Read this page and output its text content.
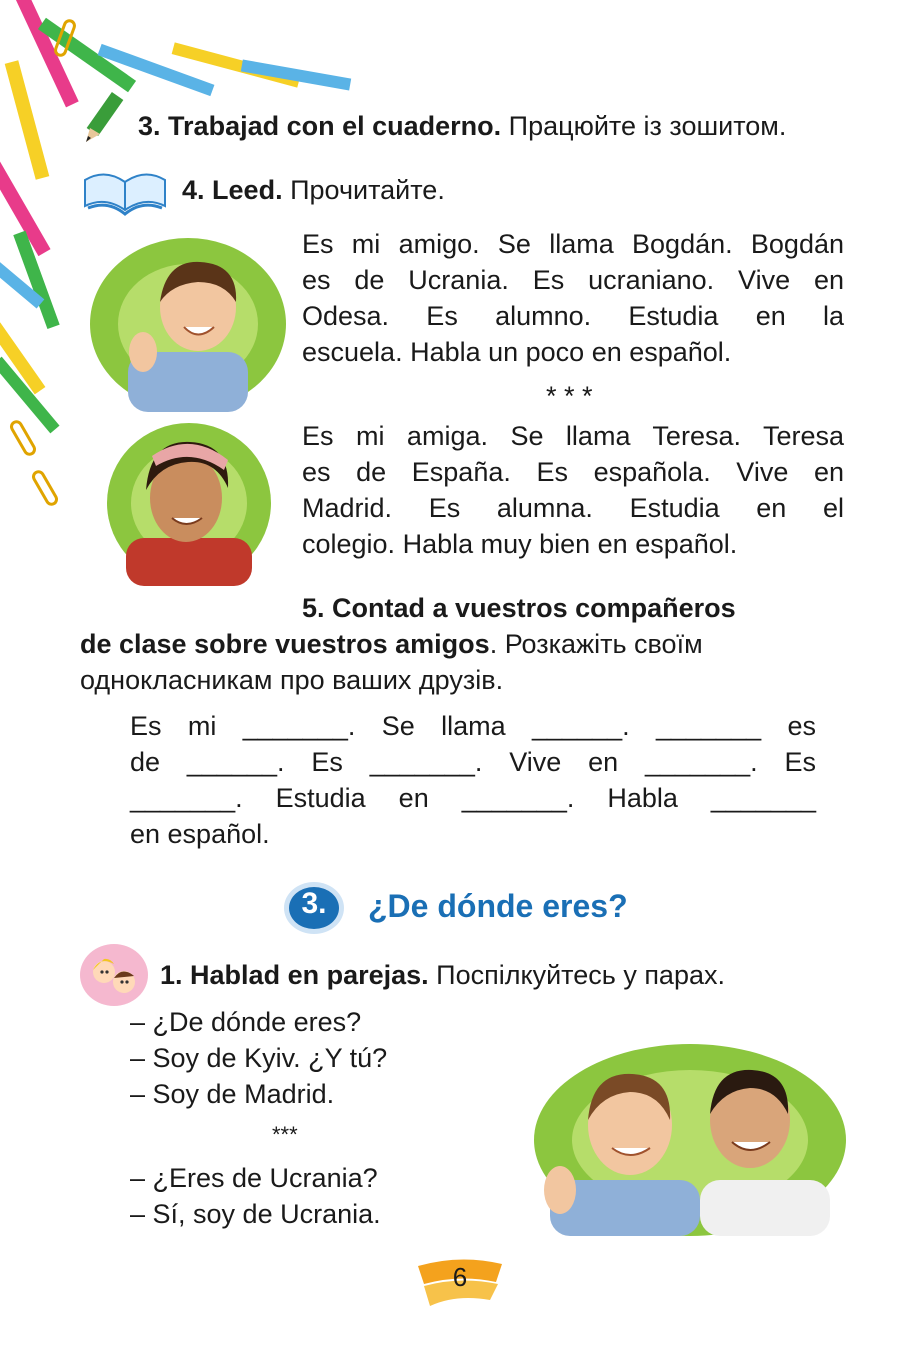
3. Trabajad con el cuaderno. Працюйте із зошитом.
4. Leed. Прочитайте.

Es mi amigo. Se llama Bogdán. Bogdán

es de Ucrania. Es ucraniano. Vive en

Odesa. Es alumno. Estudia en la

escuela. Habla un poco en español.

* * *

Es mi amiga. Se llama Teresa. Teresa

es de España. Es española. Vive en

Madrid. Es alumna. Estudia en el

colegio. Habla muy bien en español.

5. Contad a vuestros compañeros
de clase sobre vuestros amigos. Розкажіть своїм
однокласникам про ваших друзів.

Es mi _______. Se llama ______. _______ es

de ______. Es _______. Vive en _______. Es

_______. Estudia en _______. Habla _______

en español.

3.	¿De dónde eres?
1. Hablad en parejas. Поспілкуйтесь у парах.

– ¿De dónde eres?

– Soy de Kyiv. ¿Y tú?

– Soy de Madrid.

***

– ¿Eres de Ucrania?

– Sí, soy de Ucrania.

6
